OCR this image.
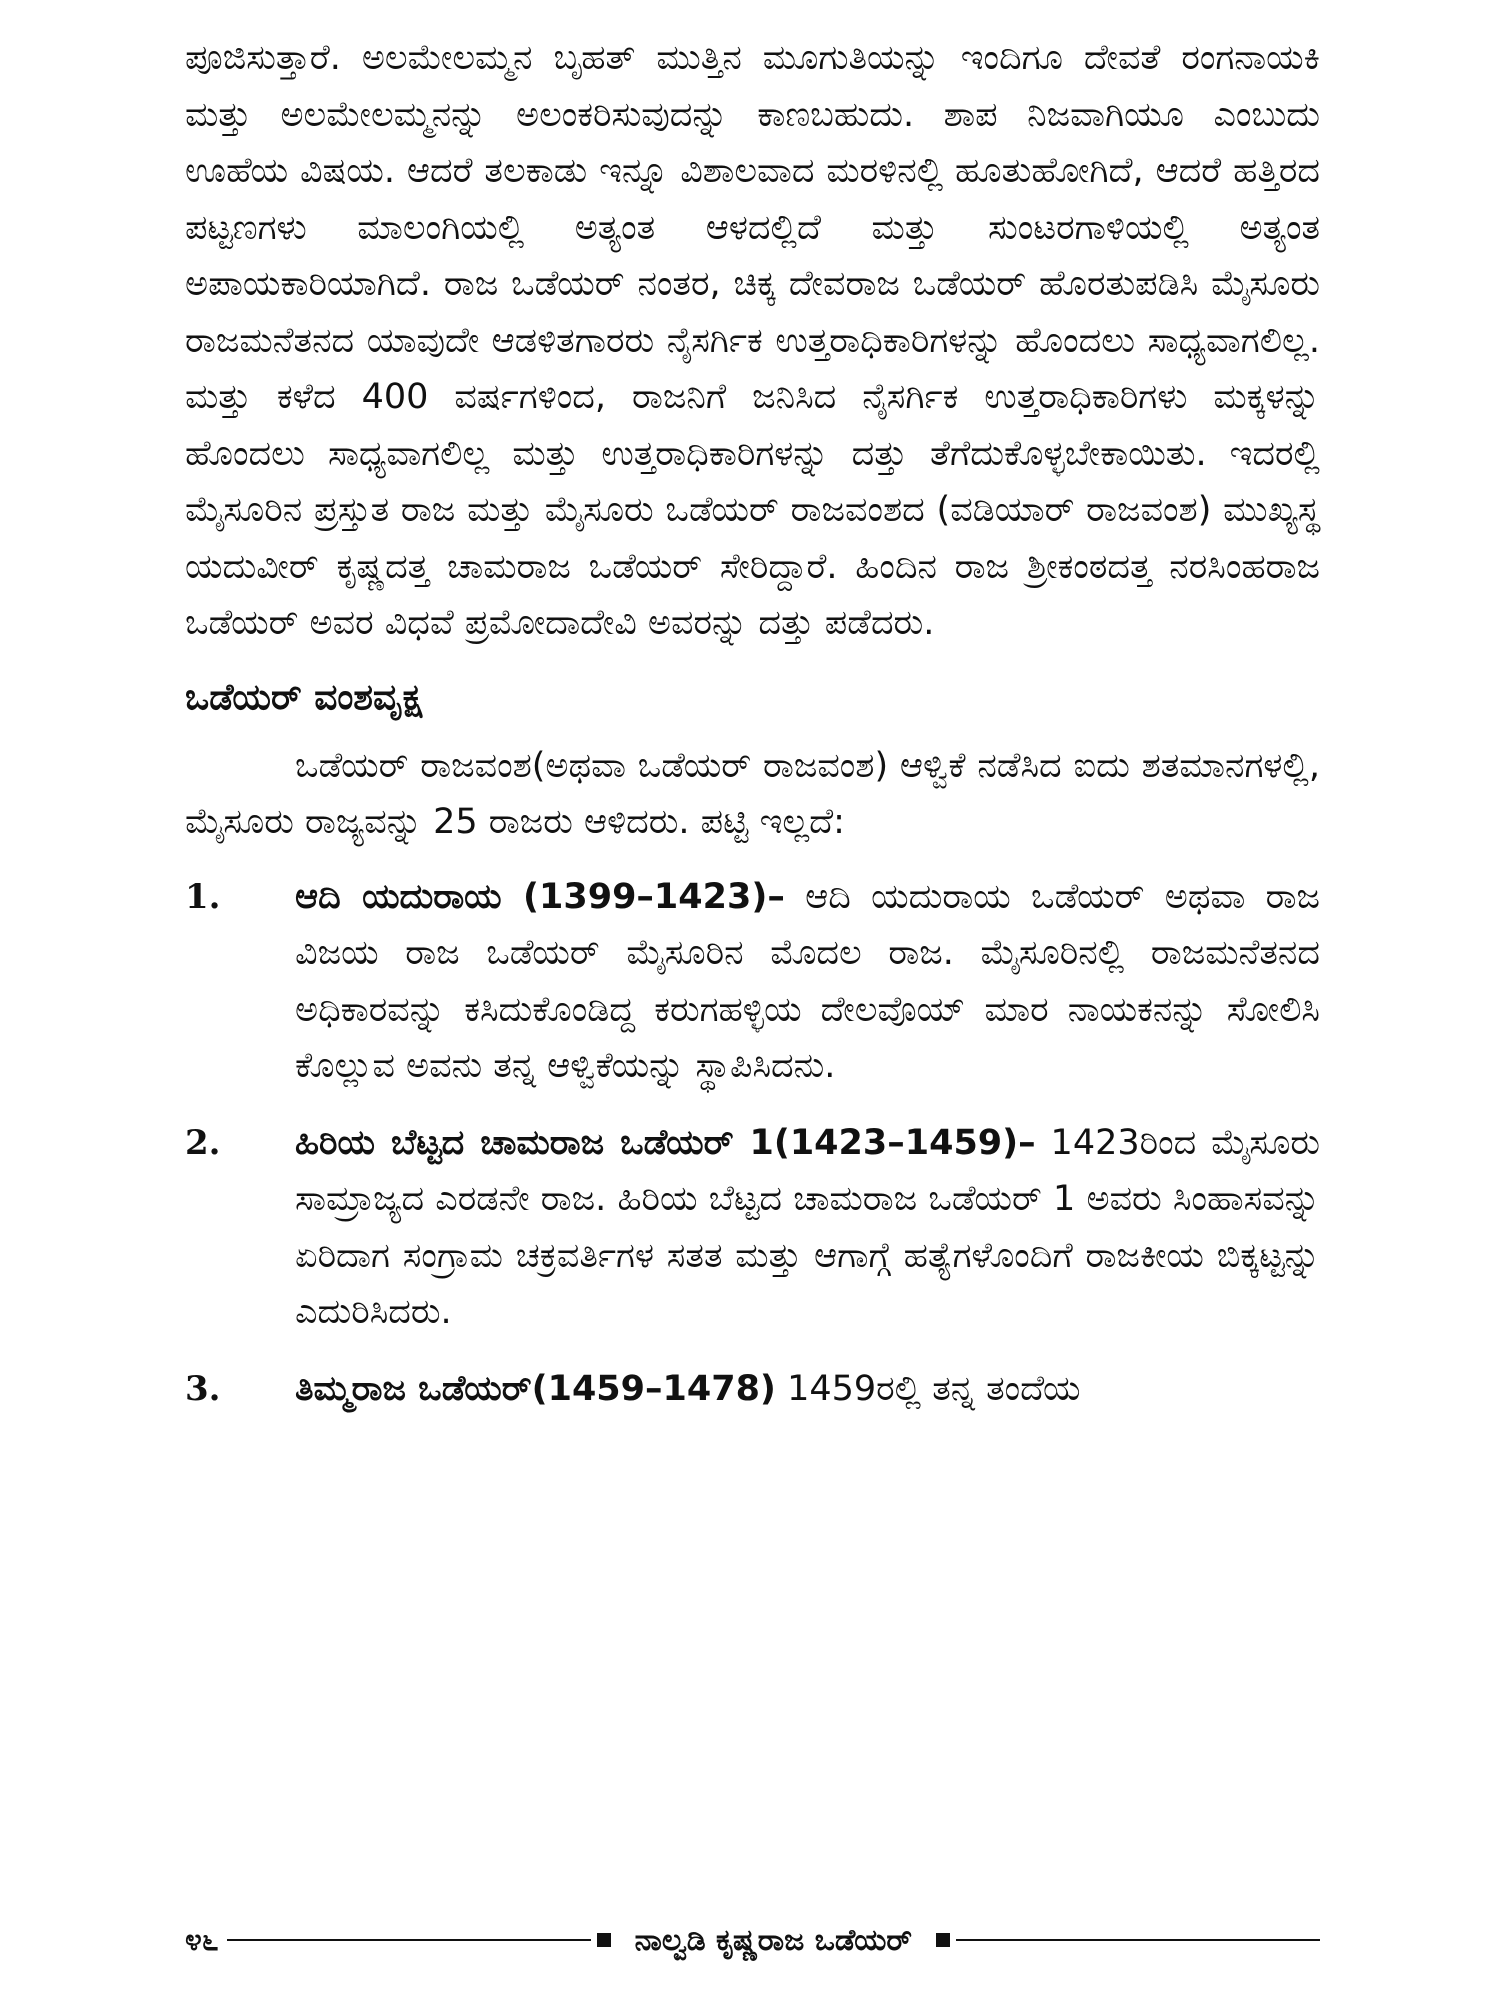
ಪೂಜಿಸುತ್ತಾರೆ. ಅಲಮೇಲಮ್ಮನ ಬೃಹತ್ ಮುತ್ತಿನ ಮೂಗುತಿಯನ್ನು ಇಂದಿಗೂ ದೇವತೆ ರಂಗನಾಯಕಿ ಮತ್ತು ಅಲಮೇಲಮ್ಮನನ್ನು ಅಲಂಕರಿಸುವುದನ್ನು ಕಾಣಬಹುದು. ಶಾಪ ನಿಜವಾಗಿಯೂ ಎಂಬುದು ಊಹೆಯ ವಿಷಯ. ಆದರೆ ತಲಕಾಡು ಇನ್ನೂ ವಿಶಾಲವಾದ ಮರಳಿನಲ್ಲಿ ಹೂತುಹೋಗಿದೆ, ಆದರೆ ಹತ್ತಿರದ ಪಟ್ಟಣಗಳು ಮಾಲಂಗಿಯಲ್ಲಿ ಅತ್ಯಂತ ಆಳದಲ್ಲಿದೆ ಮತ್ತು ಸುಂಟರಗಾಳಿಯಲ್ಲಿ ಅತ್ಯಂತ ಅಪಾಯಕಾರಿಯಾಗಿದೆ. ರಾಜ ಒಡೆಯರ್ ನಂತರ, ಚಿಕ್ಕ ದೇವರಾಜ ಒಡೆಯರ್ ಹೊರತುಪಡಿಸಿ ಮೈಸೂರು ರಾಜಮನೆತನದ ಯಾವುದೇ ಆಡಳಿತಗಾರರು ನೈಸರ್ಗಿಕ ಉತ್ತರಾಧಿಕಾರಿಗಳನ್ನು ಹೊಂದಲು ಸಾಧ್ಯವಾಗಲಿಲ್ಲ. ಮತ್ತು ಕಳೆದ 400 ವರ್ಷಗಳಿಂದ, ರಾಜನಿಗೆ ಜನಿಸಿದ ನೈಸರ್ಗಿಕ ಉತ್ತರಾಧಿಕಾರಿಗಳು ಮಕ್ಕಳನ್ನು ಹೊಂದಲು ಸಾಧ್ಯವಾಗಲಿಲ್ಲ ಮತ್ತು ಉತ್ತರಾಧಿಕಾರಿಗಳನ್ನು ದತ್ತು ತೆಗೆದುಕೊಳ್ಳಬೇಕಾಯಿತು. ಇದರಲ್ಲಿ ಮೈಸೂರಿನ ಪ್ರಸ್ತುತ ರಾಜ ಮತ್ತು ಮೈಸೂರು ಒಡೆಯರ್ ರಾಜವಂಶದ (ವಡಿಯಾರ್ ರಾಜವಂಶ) ಮುಖ್ಯಸ್ಥ ಯದುವೀರ್ ಕೃಷ್ಣದತ್ತ ಚಾಮರಾಜ ಒಡೆಯರ್ ಸೇರಿದ್ದಾರೆ. ಹಿಂದಿನ ರಾಜ ಶ್ರೀಕಂಠದತ್ತ ನರಸಿಂಹರಾಜ ಒಡೆಯರ್ ಅವರ ವಿಧವೆ ಪ್ರಮೋದಾದೇವಿ ಅವರನ್ನು ದತ್ತು ಪಡೆದರು.

ಒಡೆಯರ್ ವಂಶವೃಕ್ಷ

ಒಡೆಯರ್ ರಾಜವಂಶ(ಅಥವಾ ಒಡೆಯರ್ ರಾಜವಂಶ) ಆಳ್ವಿಕೆ ನಡೆಸಿದ ಐದು ಶತಮಾನಗಳಲ್ಲಿ, ಮೈಸೂರು ರಾಜ್ಯವನ್ನು 25 ರಾಜರು ಆಳಿದರು. ಪಟ್ಟಿ ಇಲ್ಲದೆ:

1. ಆದಿ ಯದುರಾಯ (1399–1423)– ಆದಿ ಯದುರಾಯ ಒಡೆಯರ್ ಅಥವಾ ರಾಜ ವಿಜಯ ರಾಜ ಒಡೆಯರ್ ಮೈಸೂರಿನ ಮೊದಲ ರಾಜ. ಮೈಸೂರಿನಲ್ಲಿ ರಾಜಮನೆತನದ ಅಧಿಕಾರವನ್ನು ಕಸಿದುಕೊಂಡಿದ್ದ ಕರುಗಹಳ್ಳಿಯ ದೇಲವೊಯ್ ಮಾರ ನಾಯಕನನ್ನು ಸೋಲಿಸಿ ಕೊಲ್ಲುವ ಅವನು ತನ್ನ ಆಳ್ವಿಕೆಯನ್ನು ಸ್ಥಾಪಿಸಿದನು.

2. ಹಿರಿಯ ಬೆಟ್ಟದ ಚಾಮರಾಜ ಒಡೆಯರ್ 1(1423–1459)– 1423ರಿಂದ ಮೈಸೂರು ಸಾಮ್ರಾಜ್ಯದ ಎರಡನೇ ರಾಜ. ಹಿರಿಯ ಬೆಟ್ಟದ ಚಾಮರಾಜ ಒಡೆಯರ್ 1 ಅವರು ಸಿಂಹಾಸವನ್ನು ಏರಿದಾಗ ಸಂಗ್ರಾಮ ಚಕ್ರವರ್ತಿಗಳ ಸತತ ಮತ್ತು ಆಗಾಗ್ಗೆ ಹತ್ಯೆಗಳೊಂದಿಗೆ ರಾಜಕೀಯ ಬಿಕ್ಕಟ್ಟನ್ನು ಎದುರಿಸಿದರು.

3. ತಿಮ್ಮರಾಜ ಒಡೆಯರ್(1459–1478) 1459ರಲ್ಲಿ ತನ್ನ ತಂದೆಯ

೪೬	ನಾಲ್ವಡಿ ಕೃಷ್ಣರಾಜ ಒಡೆಯರ್
